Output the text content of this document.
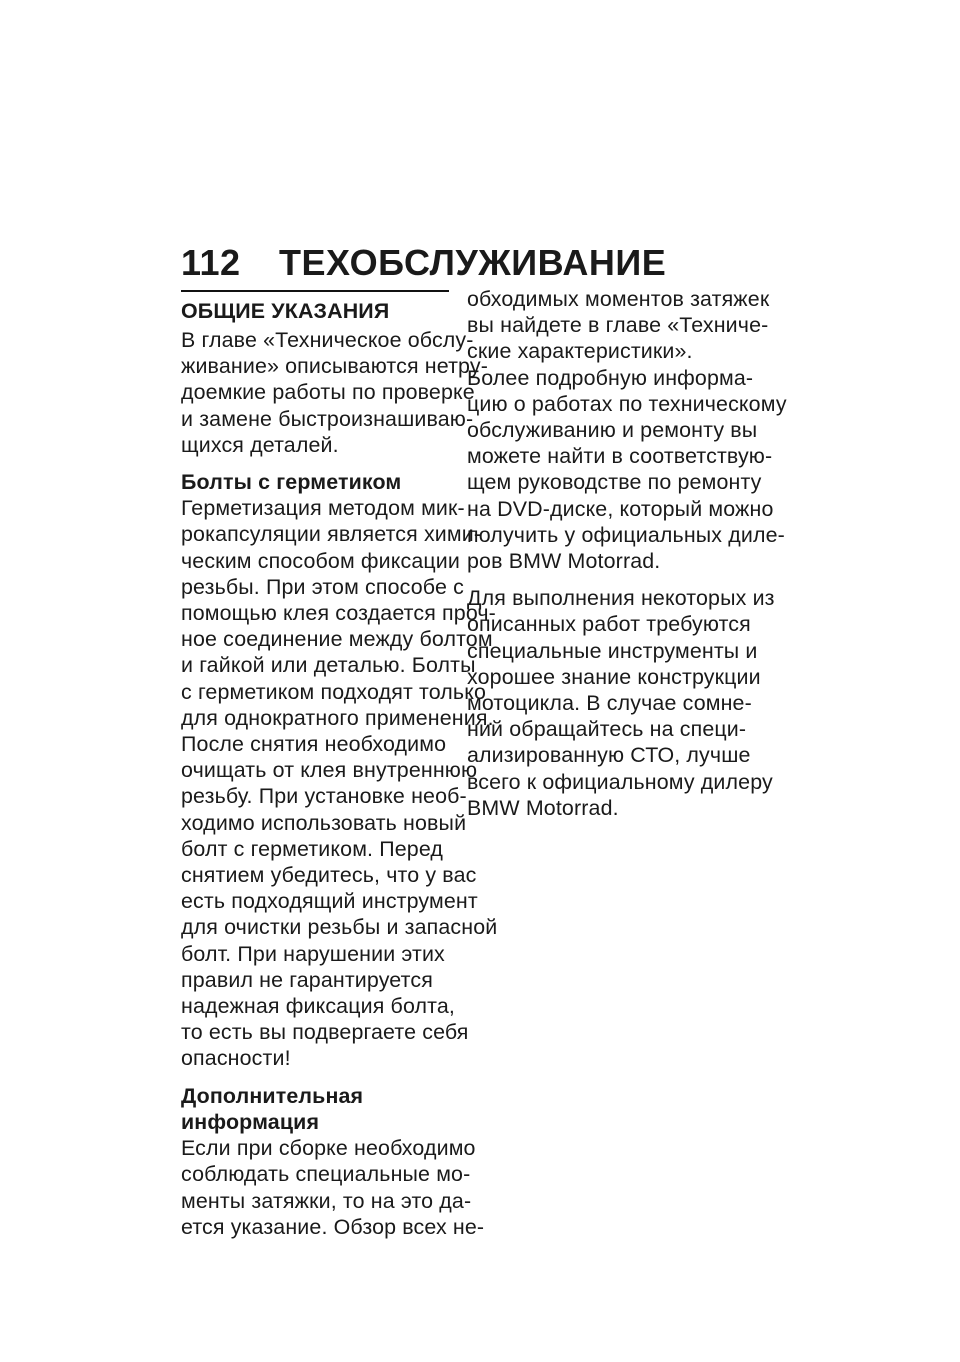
112 ТЕХОБСЛУЖИВАНИЕ
ОБЩИЕ УКАЗАНИЯ

В главе «Техническое обслу-
живание» описываются нетру-
доемкие работы по проверке
и замене быстроизнашиваю-
щихся деталей.

Болты с герметиком

Герметизация методом мик-
рокапсуляции является хими-
ческим способом фиксации
резьбы. При этом способе с
помощью клея создается проч-
ное соединение между болтом
и гайкой или деталью. Болты
с герметиком подходят только
для однократного применения.
После снятия необходимо
очищать от клея внутреннюю
резьбу. При установке необ-
ходимо использовать новый
болт с герметиком. Перед
снятием убедитесь, что у вас
есть подходящий инструмент
для очистки резьбы и запасной
болт. При нарушении этих
правил не гарантируется
надежная фиксация болта,
то есть вы подвергаете себя
опасности!

Дополнительная
информация

Если при сборке необходимо
соблюдать специальные мо-
менты затяжки, то на это да-
ется указание. Обзор всех не-

обходимых моментов затяжек
вы найдете в главе «Техниче-
ские характеристики».

Более подробную информа-
цию о работах по техническому
обслуживанию и ремонту вы
можете найти в соответствую-
щем руководстве по ремонту
на DVD-диске, который можно
получить у официальных диле-
ров BMW Motorrad.

Для выполнения некоторых из
описанных работ требуются
специальные инструменты и
хорошее знание конструкции
мотоцикла. В случае сомне-
ний обращайтесь на специ-
ализированную СТО, лучше
всего к официальному дилеру
BMW Motorrad.
